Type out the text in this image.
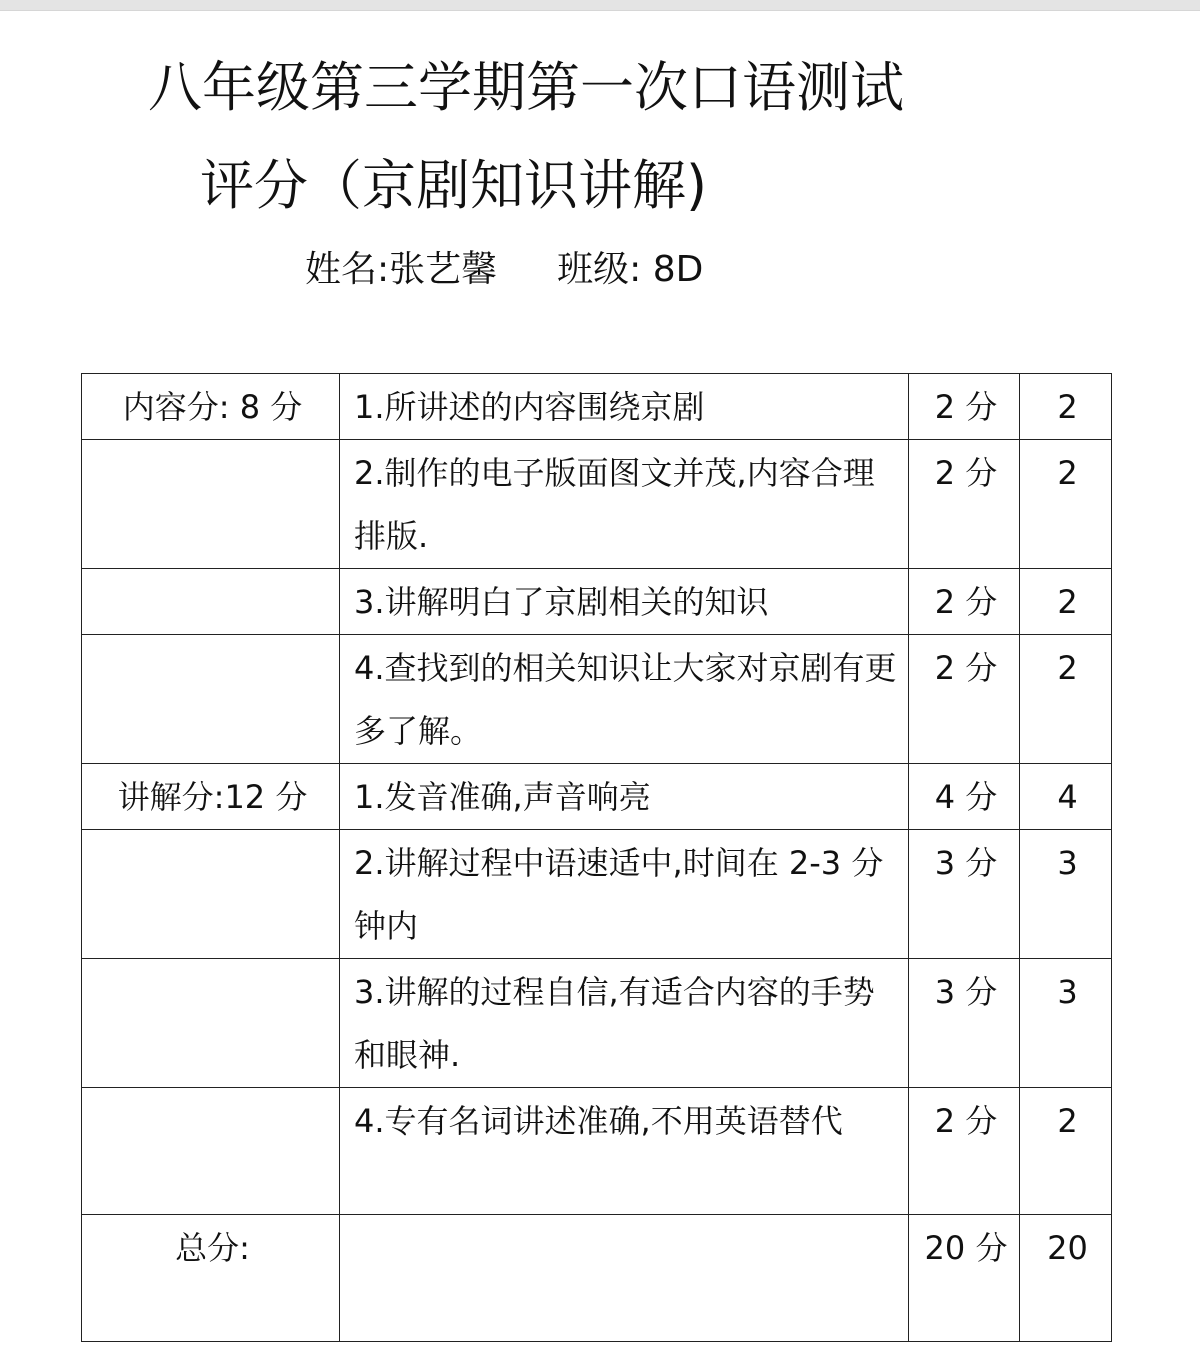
八年级第三学期第一次口语测试
评分（京剧知识讲解)
姓名:张艺馨 班级: 8D
内容分: 8 分	1.所讲述的内容围绕京剧	2 分	2
	2.制作的电子版面图文并茂,内容合理排版.	2 分	2
	3.讲解明白了京剧相关的知识	2 分	2
	4.查找到的相关知识让大家对京剧有更多了解。	2 分	2
讲解分:12 分	1.发音准确,声音响亮	4 分	4
	2.讲解过程中语速适中,时间在 2-3 分钟内	3 分	3
	3.讲解的过程自信,有适合内容的手势和眼神.	3 分	3
	4.专有名词讲述准确,不用英语替代	2 分	2
总分:		20 分	20
